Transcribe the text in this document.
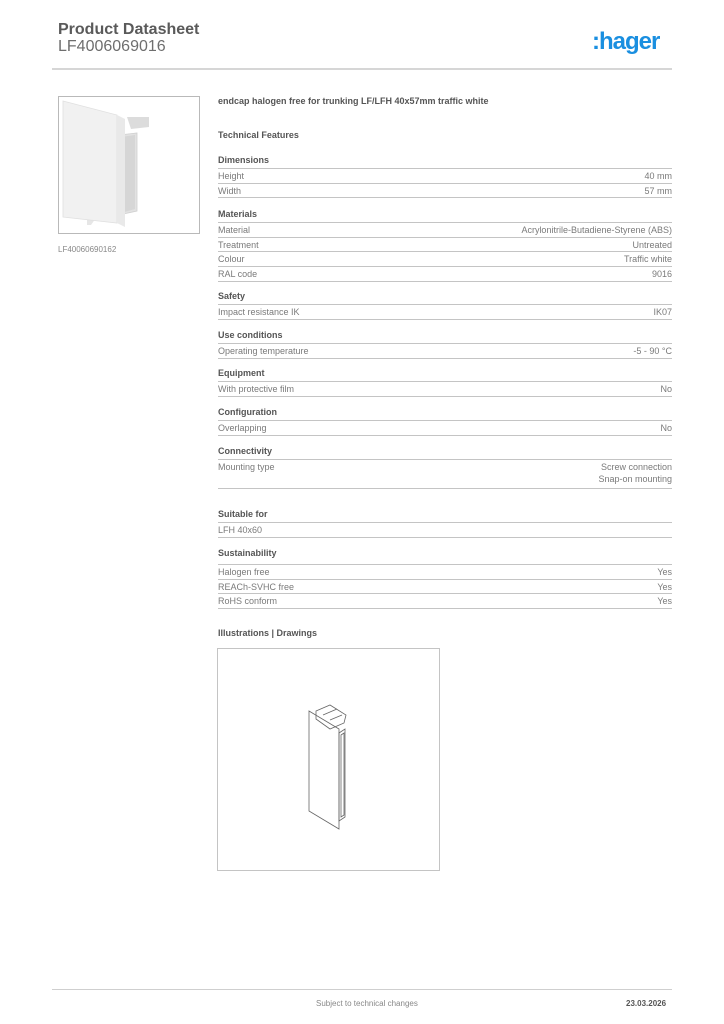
Product Datasheet
LF4006069016	:hager
LF40060690162
endcap halogen free for trunking LF/LFH 40x57mm traffic white
Technical Features
Dimensions
Height	40 mm
Width	57 mm
Materials
Material	Acrylonitrile-Butadiene-Styrene (ABS)
Treatment	Untreated
Colour	Traffic white
RAL code	9016
Safety
Impact resistance IK	IK07
Use conditions
Operating temperature	-5 - 90 °C
Equipment
With protective film	No
Configuration
Overlapping	No
Connectivity
Mounting type	Screw connection
Snap-on mounting
Suitable for
LFH 40x60
Sustainability
Halogen free	Yes
REACh-SVHC free	Yes
RoHS conform	Yes
Illustrations | Drawings
Subject to technical changes	23.03.2026
